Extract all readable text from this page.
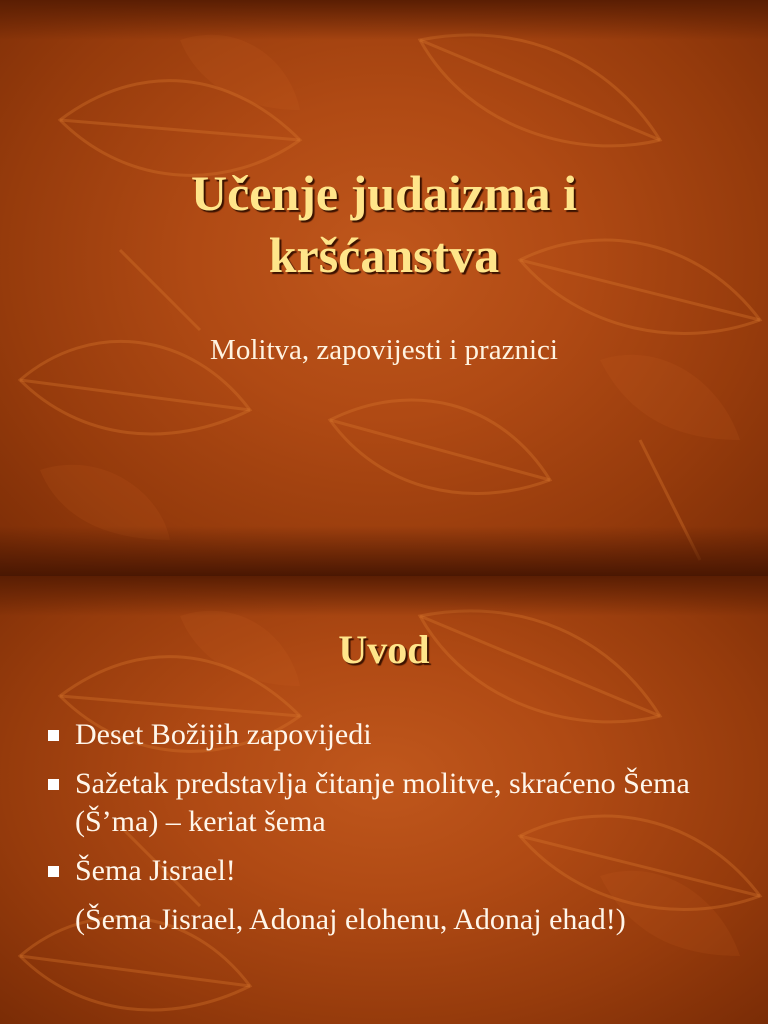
Učenje judaizma i kršćanstva
Molitva, zapovijesti i praznici
Uvod
Deset Božijih zapovijedi
Sažetak predstavlja čitanje molitve, skraćeno Šema (Š’ma) – keriat šema
Šema Jisrael!
(Šema Jisrael, Adonaj elohenu, Adonaj ehad!)
